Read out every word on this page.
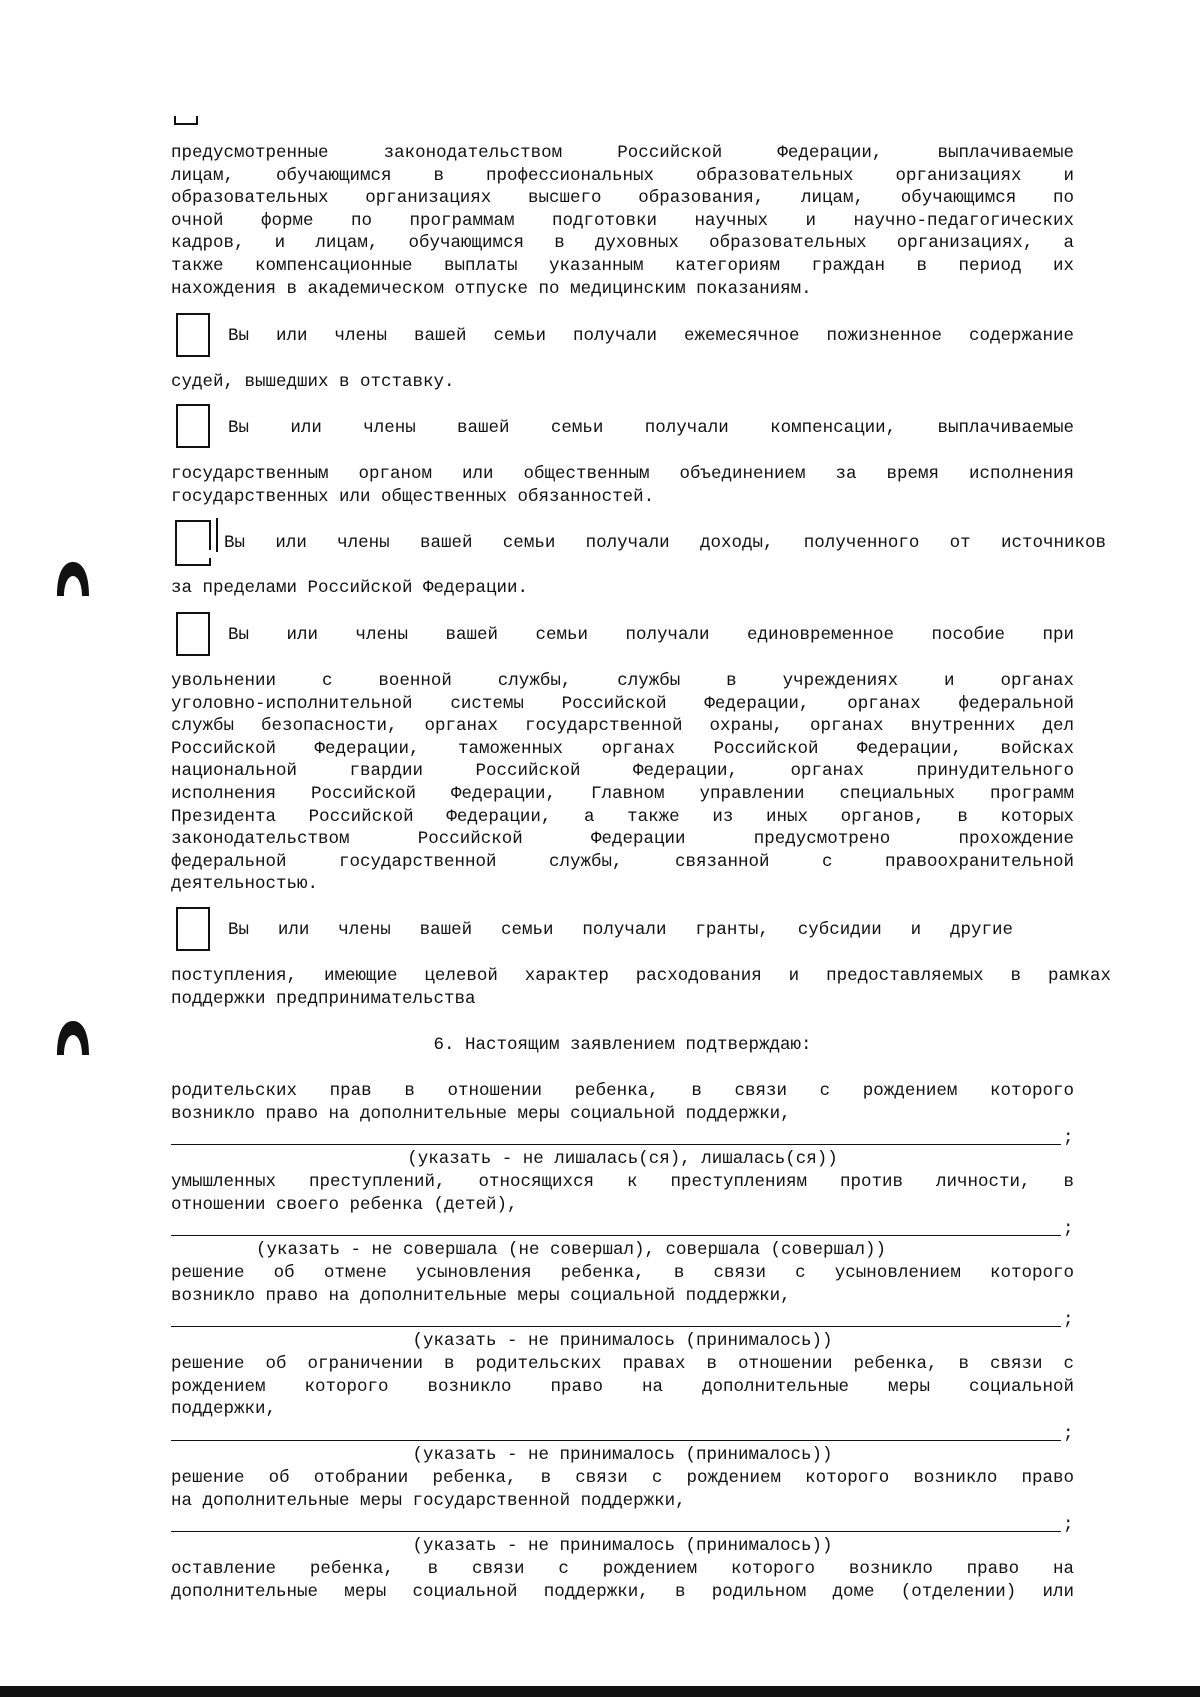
предусмотренные законодательством Российской Федерации, выплачиваемые
лицам, обучающимся в профессиональных образовательных организациях и
образовательных организациях высшего образования, лицам, обучающимся по
очной форме по программам подготовки научных и научно-педагогических
кадров, и лицам, обучающимся в духовных образовательных организациях, а
также компенсационные выплаты указанным категориям граждан в период их
нахождения в академическом отпуске по медицинским показаниям.
Вы или члены вашей семьи получали ежемесячное пожизненное содержание
судей, вышедших в отставку.
Вы или члены вашей семьи получали компенсации, выплачиваемые
государственным органом или общественным объединением за время исполнения
государственных или общественных обязанностей.
Вы или члены вашей семьи получали доходы, полученного от источников
за пределами Российской Федерации.
Вы или члены вашей семьи получали единовременное пособие при
увольнении с военной службы, службы в учреждениях и органах
уголовно-исполнительной системы Российской Федерации, органах федеральной
службы безопасности, органах государственной охраны, органах внутренних дел
Российской Федерации, таможенных органах Российской Федерации, войсках
национальной гвардии Российской Федерации, органах принудительного
исполнения Российской Федерации, Главном управлении специальных программ
Президента Российской Федерации, а также из иных органов, в которых
законодательством Российской Федерации предусмотрено прохождение
федеральной государственной службы, связанной с правоохранительной
деятельностью.
Вы или члены вашей семьи получали гранты, субсидии и другие
поступления, имеющие целевой характер расходования и предоставляемых в рамках
поддержки предпринимательства
6. Настоящим заявлением подтверждаю:
родительских прав в отношении ребенка, в связи с рождением которого
возникло право на дополнительные меры социальной поддержки,
;
(указать - не лишалась(ся), лишалась(ся))
умышленных преступлений, относящихся к преступлениям против личности, в
отношении своего ребенка (детей),
;
(указать - не совершала (не совершал), совершала (совершал))
решение об отмене усыновления ребенка, в связи с усыновлением которого
возникло право на дополнительные меры социальной поддержки,
;
(указать - не принималось (принималось))
решение об ограничении в родительских правах в отношении ребенка, в связи с
рождением которого возникло право на дополнительные меры социальной
поддержки,
;
(указать - не принималось (принималось))
решение об отобрании ребенка, в связи с рождением которого возникло право
на дополнительные меры государственной поддержки,
;
(указать - не принималось (принималось))
оставление ребенка, в связи с рождением которого возникло право на
дополнительные меры социальной поддержки, в родильном доме (отделении) или
